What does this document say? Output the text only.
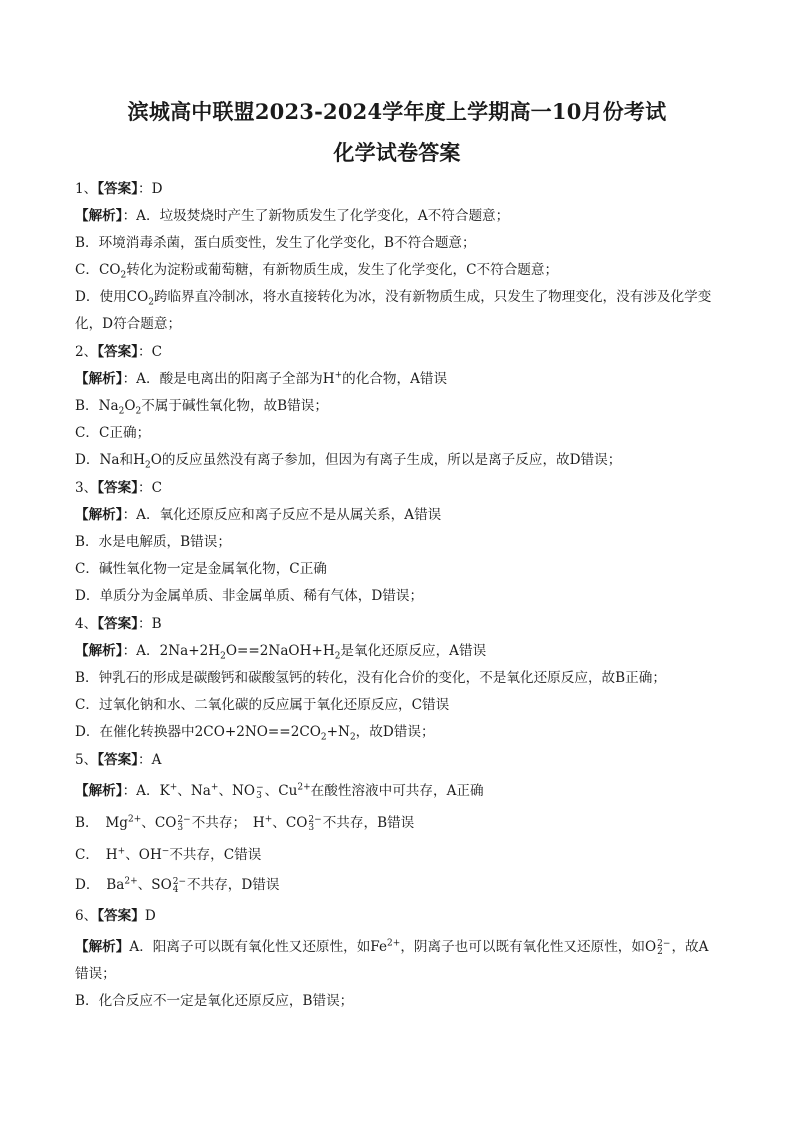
滨城高中联盟2023-2024学年度上学期高一10月份考试
化学试卷答案
1、【答案】：D
【解析】：A．垃圾焚烧时产生了新物质发生了化学变化，A不符合题意；
B．环境消毒杀菌，蛋白质变性，发生了化学变化，B不符合题意；
C．$CO_2$转化为淀粉或葡萄糖，有新物质生成，发生了化学变化，C不符合题意；
D．使用$CO_2$跨临界直冷制冰，将水直接转化为冰，没有新物质生成，只发生了物理变化，没有涉及化学变
化，D符合题意；
2、【答案】：C
【解析】：A．酸是电离出的阳离子全部为H+的化合物，A错误
B．$Na_2O_2$不属于碱性氧化物，故B错误；
C．C正确；
D．Na和$H_2O$的反应虽然没有离子参加，但因为有离子生成，所以是离子反应，故D错误；
3、【答案】：C
【解析】：A．氧化还原反应和离子反应不是从属关系，A错误
B．水是电解质，B错误；
C．碱性氧化物一定是金属氧化物，C正确
D．单质分为金属单质、非金属单质、稀有气体，D错误；
4、【答案】：B
【解析】：A．$2Na+2H_2O==2NaOH+H_2$是氧化还原反应，A错误
B．钟乳石的形成是碳酸钙和碳酸氢钙的转化，没有化合价的变化，不是氧化还原反应，故B正确；
C．过氧化钠和水、二氧化碳的反应属于氧化还原反应，C错误
D．在催化转换器中$2CO+2NO==2CO_2+N_2$，故D错误；
5、【答案】：A
【解析】：A．K+、Na+、NO −
3 、$Cu^{2+}$在酸性溶液中可共存，A正确
B．　$Mg^{2+}$、CO 2−
3 不共存；　H+、CO 2−
3 不共存，B错误
C．　H+、OH−不共存，C错误
D．　$Ba^{2+}$、SO 2−
4 不共存，D错误
6、【答案】D
【解析】A．阳离子可以既有氧化性又还原性，如$Fe^{2+}$，阴离子也可以既有氧化性又还原性，如O 2−
2 ，故A
错误；
B．化合反应不一定是氧化还原反应，B错误；
